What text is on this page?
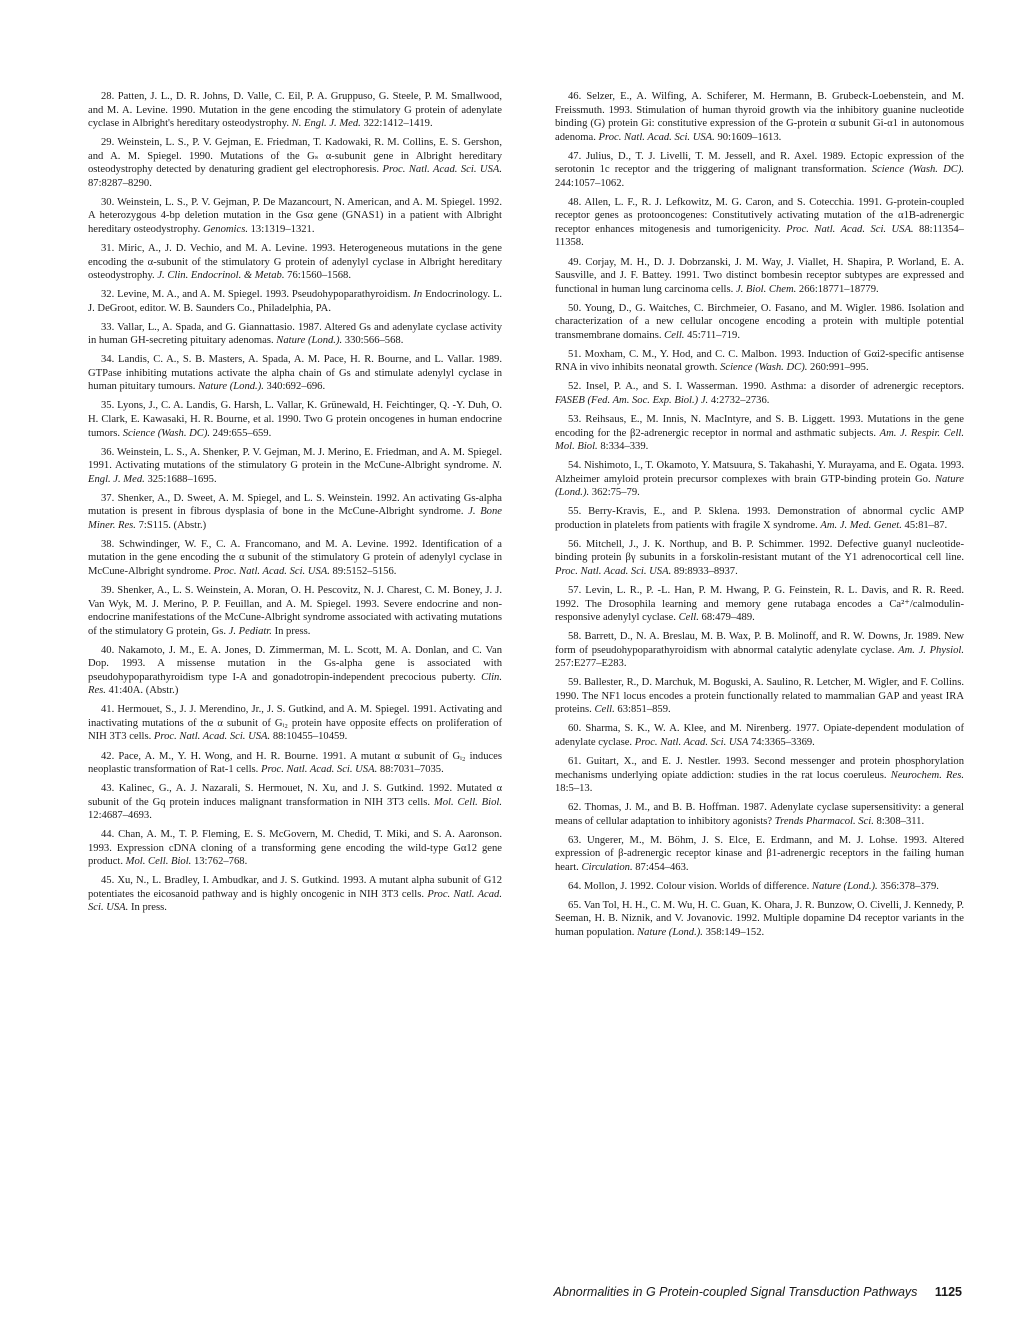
28. Patten, J. L., D. R. Johns, D. Valle, C. Eil, P. A. Gruppuso, G. Steele, P. M. Smallwood, and M. A. Levine. 1990. Mutation in the gene encoding the stimulatory G protein of adenylate cyclase in Albright's hereditary osteodystrophy. N. Engl. J. Med. 322:1412–1419.

29. Weinstein, L. S., P. V. Gejman, E. Friedman, T. Kadowaki, R. M. Collins, E. S. Gershon, and A. M. Spiegel. 1990. Mutations of the Gₛ α-subunit gene in Albright hereditary osteodystrophy detected by denaturing gradient gel electrophoresis. Proc. Natl. Acad. Sci. USA. 87:8287–8290.

30. Weinstein, L. S., P. V. Gejman, P. De Mazancourt, N. American, and A. M. Spiegel. 1992. A heterozygous 4-bp deletion mutation in the Gsα gene (GNAS1) in a patient with Albright hereditary osteodystrophy. Genomics. 13:1319–1321.

31. Miric, A., J. D. Vechio, and M. A. Levine. 1993. Heterogeneous mutations in the gene encoding the α-subunit of the stimulatory G protein of adenylyl cyclase in Albright hereditary osteodystrophy. J. Clin. Endocrinol. & Metab. 76:1560–1568.

32. Levine, M. A., and A. M. Spiegel. 1993. Pseudohypoparathyroidism. In Endocrinology. L. J. DeGroot, editor. W. B. Saunders Co., Philadelphia, PA.

33. Vallar, L., A. Spada, and G. Giannattasio. 1987. Altered Gs and adenylate cyclase activity in human GH-secreting pituitary adenomas. Nature (Lond.). 330:566–568.

34. Landis, C. A., S. B. Masters, A. Spada, A. M. Pace, H. R. Bourne, and L. Vallar. 1989. GTPase inhibiting mutations activate the alpha chain of Gs and stimulate adenylyl cyclase in human pituitary tumours. Nature (Lond.). 340:692–696.

35. Lyons, J., C. A. Landis, G. Harsh, L. Vallar, K. Grünewald, H. Feichtinger, Q. -Y. Duh, O. H. Clark, E. Kawasaki, H. R. Bourne, et al. 1990. Two G protein oncogenes in human endocrine tumors. Science (Wash. DC). 249:655–659.

36. Weinstein, L. S., A. Shenker, P. V. Gejman, M. J. Merino, E. Friedman, and A. M. Spiegel. 1991. Activating mutations of the stimulatory G protein in the McCune-Albright syndrome. N. Engl. J. Med. 325:1688–1695.

37. Shenker, A., D. Sweet, A. M. Spiegel, and L. S. Weinstein. 1992. An activating Gs-alpha mutation is present in fibrous dysplasia of bone in the McCune-Albright syndrome. J. Bone Miner. Res. 7:S115. (Abstr.)

38. Schwindinger, W. F., C. A. Francomano, and M. A. Levine. 1992. Identification of a mutation in the gene encoding the α subunit of the stimulatory G protein of adenylyl cyclase in McCune-Albright syndrome. Proc. Natl. Acad. Sci. USA. 89:5152–5156.

39. Shenker, A., L. S. Weinstein, A. Moran, O. H. Pescovitz, N. J. Charest, C. M. Boney, J. J. Van Wyk, M. J. Merino, P. P. Feuillan, and A. M. Spiegel. 1993. Severe endocrine and non-endocrine manifestations of the McCune-Albright syndrome associated with activating mutations of the stimulatory G protein, Gs. J. Pediatr. In press.

40. Nakamoto, J. M., E. A. Jones, D. Zimmerman, M. L. Scott, M. A. Donlan, and C. Van Dop. 1993. A missense mutation in the Gs-alpha gene is associated with pseudohypoparathyroidism type I-A and gonadotropin-independent precocious puberty. Clin. Res. 41:40A. (Abstr.)

41. Hermouet, S., J. J. Merendino, Jr., J. S. Gutkind, and A. M. Spiegel. 1991. Activating and inactivating mutations of the α subunit of Gᵢ₂ protein have opposite effects on proliferation of NIH 3T3 cells. Proc. Natl. Acad. Sci. USA. 88:10455–10459.

42. Pace, A. M., Y. H. Wong, and H. R. Bourne. 1991. A mutant α subunit of Gᵢ₂ induces neoplastic transformation of Rat-1 cells. Proc. Natl. Acad. Sci. USA. 88:7031–7035.

43. Kalinec, G., A. J. Nazarali, S. Hermouet, N. Xu, and J. S. Gutkind. 1992. Mutated α subunit of the Gq protein induces malignant transformation in NIH 3T3 cells. Mol. Cell. Biol. 12:4687–4693.

44. Chan, A. M., T. P. Fleming, E. S. McGovern, M. Chedid, T. Miki, and S. A. Aaronson. 1993. Expression cDNA cloning of a transforming gene encoding the wild-type Gα12 gene product. Mol. Cell. Biol. 13:762–768.

45. Xu, N., L. Bradley, I. Ambudkar, and J. S. Gutkind. 1993. A mutant alpha subunit of G12 potentiates the eicosanoid pathway and is highly oncogenic in NIH 3T3 cells. Proc. Natl. Acad. Sci. USA. In press.

46. Selzer, E., A. Wilfing, A. Schiferer, M. Hermann, B. Grubeck-Loebenstein, and M. Freissmuth. 1993. Stimulation of human thyroid growth via the inhibitory guanine nucleotide binding (G) protein Gi: constitutive expression of the G-protein α subunit Gi-α1 in autonomous adenoma. Proc. Natl. Acad. Sci. USA. 90:1609–1613.

47. Julius, D., T. J. Livelli, T. M. Jessell, and R. Axel. 1989. Ectopic expression of the serotonin 1c receptor and the triggering of malignant transformation. Science (Wash. DC). 244:1057–1062.

48. Allen, L. F., R. J. Lefkowitz, M. G. Caron, and S. Cotecchia. 1991. G-protein-coupled receptor genes as protooncogenes: Constitutively activating mutation of the α1B-adrenergic receptor enhances mitogenesis and tumorigenicity. Proc. Natl. Acad. Sci. USA. 88:11354–11358.

49. Corjay, M. H., D. J. Dobrzanski, J. M. Way, J. Viallet, H. Shapira, P. Worland, E. A. Sausville, and J. F. Battey. 1991. Two distinct bombesin receptor subtypes are expressed and functional in human lung carcinoma cells. J. Biol. Chem. 266:18771–18779.

50. Young, D., G. Waitches, C. Birchmeier, O. Fasano, and M. Wigler. 1986. Isolation and characterization of a new cellular oncogene encoding a protein with multiple potential transmembrane domains. Cell. 45:711–719.

51. Moxham, C. M., Y. Hod, and C. C. Malbon. 1993. Induction of Gαi2-specific antisense RNA in vivo inhibits neonatal growth. Science (Wash. DC). 260:991–995.

52. Insel, P. A., and S. I. Wasserman. 1990. Asthma: a disorder of adrenergic receptors. FASEB (Fed. Am. Soc. Exp. Biol.) J. 4:2732–2736.

53. Reihsaus, E., M. Innis, N. MacIntyre, and S. B. Liggett. 1993. Mutations in the gene encoding for the β2-adrenergic receptor in normal and asthmatic subjects. Am. J. Respir. Cell. Mol. Biol. 8:334–339.

54. Nishimoto, I., T. Okamoto, Y. Matsuura, S. Takahashi, Y. Murayama, and E. Ogata. 1993. Alzheimer amyloid protein precursor complexes with brain GTP-binding protein Go. Nature (Lond.). 362:75–79.

55. Berry-Kravis, E., and P. Sklena. 1993. Demonstration of abnormal cyclic AMP production in platelets from patients with fragile X syndrome. Am. J. Med. Genet. 45:81–87.

56. Mitchell, J., J. K. Northup, and B. P. Schimmer. 1992. Defective guanyl nucleotide-binding protein βγ subunits in a forskolin-resistant mutant of the Y1 adrenocortical cell line. Proc. Natl. Acad. Sci. USA. 89:8933–8937.

57. Levin, L. R., P. -L. Han, P. M. Hwang, P. G. Feinstein, R. L. Davis, and R. R. Reed. 1992. The Drosophila learning and memory gene rutabaga encodes a Ca²⁺/calmodulin-responsive adenylyl cyclase. Cell. 68:479–489.

58. Barrett, D., N. A. Breslau, M. B. Wax, P. B. Molinoff, and R. W. Downs, Jr. 1989. New form of pseudohypoparathyroidism with abnormal catalytic adenylate cyclase. Am. J. Physiol. 257:E277–E283.

59. Ballester, R., D. Marchuk, M. Boguski, A. Saulino, R. Letcher, M. Wigler, and F. Collins. 1990. The NF1 locus encodes a protein functionally related to mammalian GAP and yeast IRA proteins. Cell. 63:851–859.

60. Sharma, S. K., W. A. Klee, and M. Nirenberg. 1977. Opiate-dependent modulation of adenylate cyclase. Proc. Natl. Acad. Sci. USA 74:3365–3369.

61. Guitart, X., and E. J. Nestler. 1993. Second messenger and protein phosphorylation mechanisms underlying opiate addiction: studies in the rat locus coeruleus. Neurochem. Res. 18:5–13.

62. Thomas, J. M., and B. B. Hoffman. 1987. Adenylate cyclase supersensitivity: a general means of cellular adaptation to inhibitory agonists? Trends Pharmacol. Sci. 8:308–311.

63. Ungerer, M., M. Böhm, J. S. Elce, E. Erdmann, and M. J. Lohse. 1993. Altered expression of β-adrenergic receptor kinase and β1-adrenergic receptors in the failing human heart. Circulation. 87:454–463.

64. Mollon, J. 1992. Colour vision. Worlds of difference. Nature (Lond.). 356:378–379.

65. Van Tol, H. H., C. M. Wu, H. C. Guan, K. Ohara, J. R. Bunzow, O. Civelli, J. Kennedy, P. Seeman, H. B. Niznik, and V. Jovanovic. 1992. Multiple dopamine D4 receptor variants in the human population. Nature (Lond.). 358:149–152.

Abnormalities in G Protein-coupled Signal Transduction Pathways 1125
